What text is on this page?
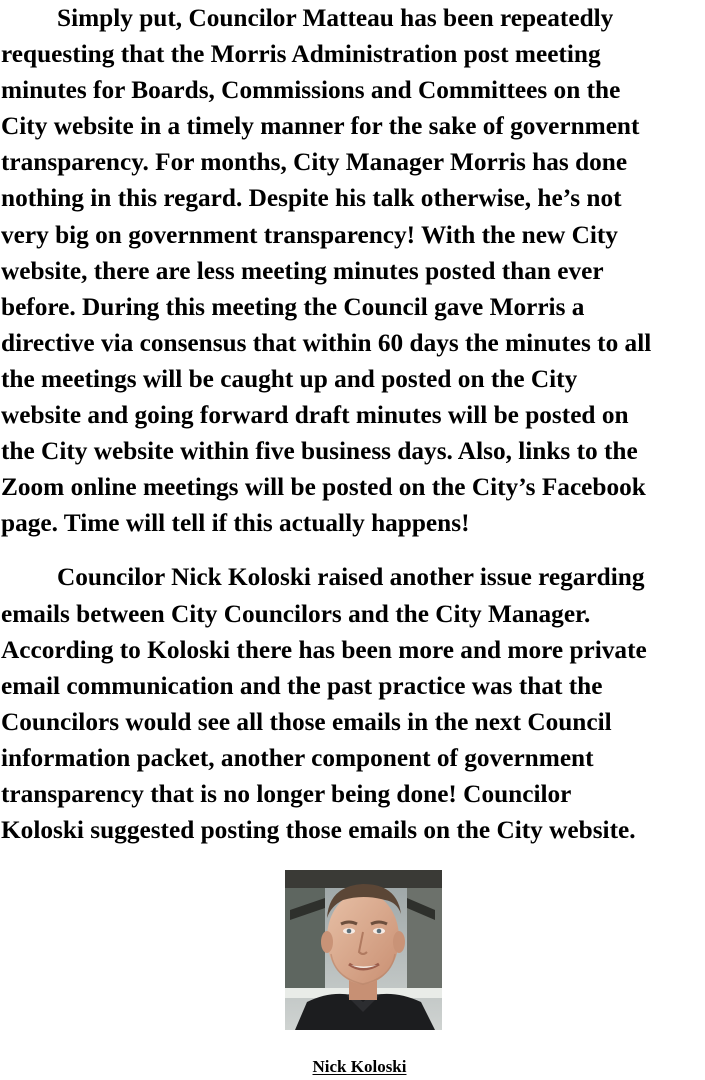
Simply put, Councilor Matteau has been repeatedly
requesting that the Morris Administration post meeting
minutes for Boards, Commissions and Committees on the
City website in a timely manner for the sake of government
transparency. For months, City Manager Morris has done
nothing in this regard. Despite his talk otherwise, he’s not
very big on government transparency! With the new City
website, there are less meeting minutes posted than ever
before. During this meeting the Council gave Morris a
directive via consensus that within 60 days the minutes to all
the meetings will be caught up and posted on the City
website and going forward draft minutes will be posted on
the City website within five business days. Also, links to the
Zoom online meetings will be posted on the City’s Facebook
page. Time will tell if this actually happens!

Councilor Nick Koloski raised another issue regarding
emails between City Councilors and the City Manager.
According to Koloski there has been more and more private
email communication and the past practice was that the
Councilors would see all those emails in the next Council
information packet, another component of government
transparency that is no longer being done! Councilor
Koloski suggested posting those emails on the City website.

Nick Koloski
